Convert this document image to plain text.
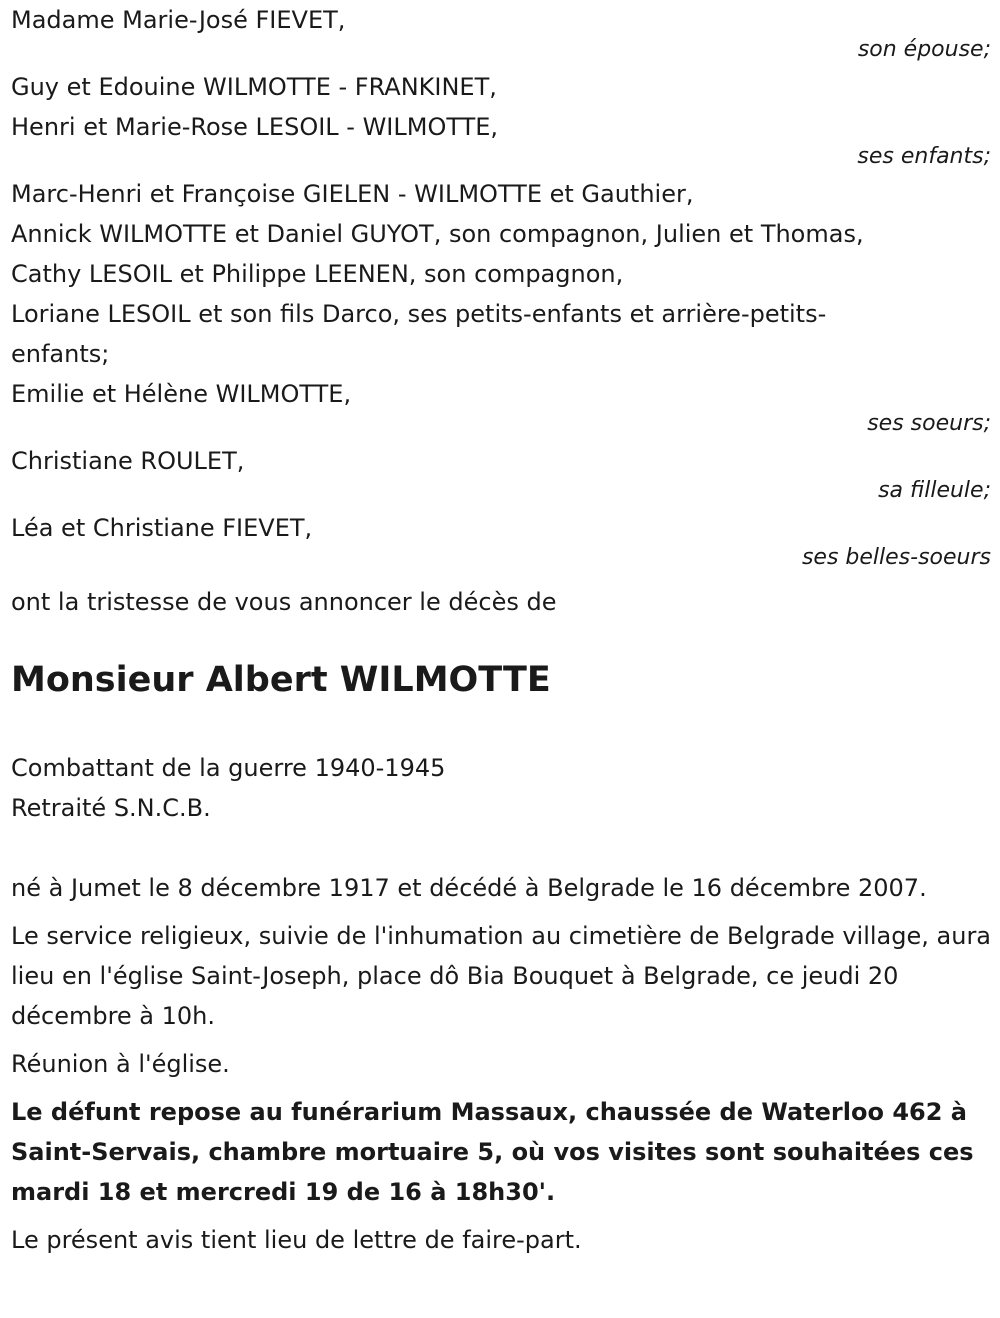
Madame Marie-José FIEVET,
son épouse;
Guy et Edouine WILMOTTE - FRANKINET,
Henri et Marie-Rose LESOIL - WILMOTTE,
ses enfants;
Marc-Henri et Françoise GIELEN - WILMOTTE et Gauthier,
Annick WILMOTTE et Daniel GUYOT, son compagnon, Julien et Thomas,
Cathy LESOIL et Philippe LEENEN, son compagnon,
Loriane LESOIL et son fils Darco, ses petits-enfants et arrière-petits-
enfants;
Emilie et Hélène WILMOTTE,
ses soeurs;
Christiane ROULET,
sa filleule;
Léa et Christiane FIEVET,
ses belles-soeurs
ont la tristesse de vous annoncer le décès de
Monsieur Albert WILMOTTE
Combattant de la guerre 1940-1945
Retraité S.N.C.B.
né à Jumet le 8 décembre 1917 et décédé à Belgrade le 16 décembre 2007.
Le service religieux, suivie de l'inhumation au cimetière de Belgrade village, aura lieu en l'église Saint-Joseph, place dô Bia Bouquet à Belgrade, ce jeudi 20 décembre à 10h.
Réunion à l'église.
Le défunt repose au funérarium Massaux, chaussée de Waterloo 462 à Saint-Servais, chambre mortuaire 5, où vos visites sont souhaitées ces mardi 18 et mercredi 19 de 16 à 18h30'.
Le présent avis tient lieu de lettre de faire-part.
